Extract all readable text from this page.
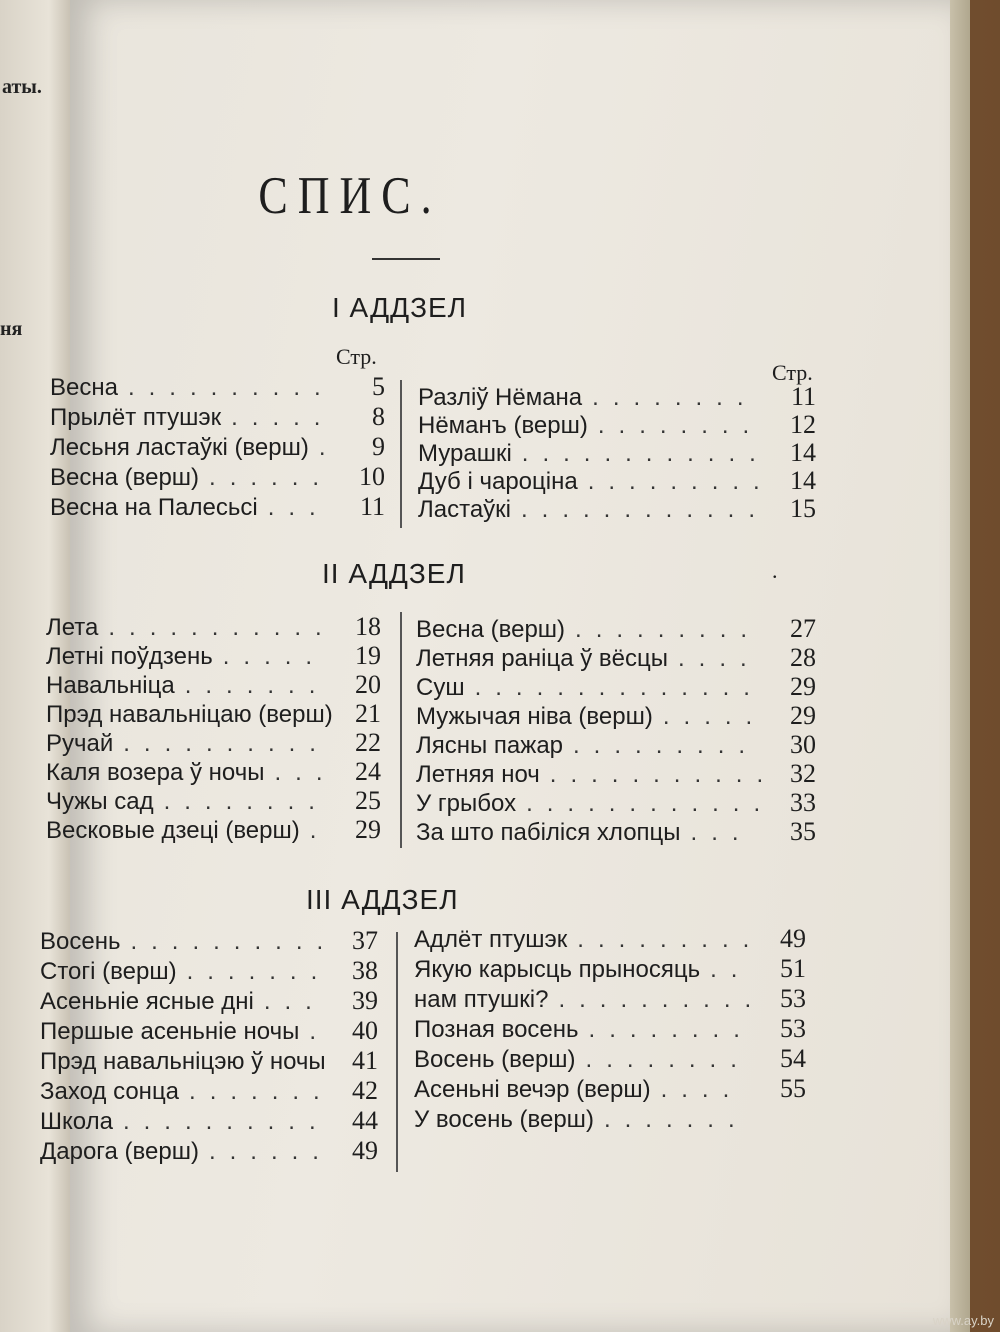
аты.
ня
СПИС.
I АДДЗЕЛ
Стр.
Стр.
Весна	5
..........
Прылёт птушэк	8
.....
Лесьня ластаўкі (верш) 9
.
Весна (верш)	10
......
Весна на Палесьсі	11
...
Разліў Нёмана	11
........
Нёманъ (верш)	12
........
Мурашкі	14
............
Дуб і чароціна	14
.........
Ластаўкі	15
............
II АДДЗЕЛ	.
Лета	18
...........
Летні поўдзень	19
.....
Навальніца	20
.......
Прэд навальніцаю (верш) 21
Ручай	22
..........
Каля возера ў ночы	24
...
Чужы сад	25
........
Весковые дзеці (верш) 29
.
Весна (верш)	27
.........
Летняя раніца ў вёсцы	28
....
Суш	29
..............
Мужычая ніва (верш)	29
.....
Лясны пажар	30
.........
Летняя ноч	32
...........
У грыбох	33
............
За што пабіліся хлопцы	35
...
III АДДЗЕЛ
Восень	37
..........
Стогі (верш)	38
.......
Асеньніе ясные дні	39
...
Першые асеньніе ночы 40
.
Прэд навальніцэю ў ночы 41
Заход сонца	42
.......
Школа	44
..........
Дарога (верш)	49
......
Адлёт птушэк	49
.........
Якую карысць прыносяць	51
..
нам птушкі?	53
..........
Позная восень	53
........
Восень (верш)	54
........
Асеньні вечэр (верш)	55
....
У восень (верш) .......
www.ay.by
